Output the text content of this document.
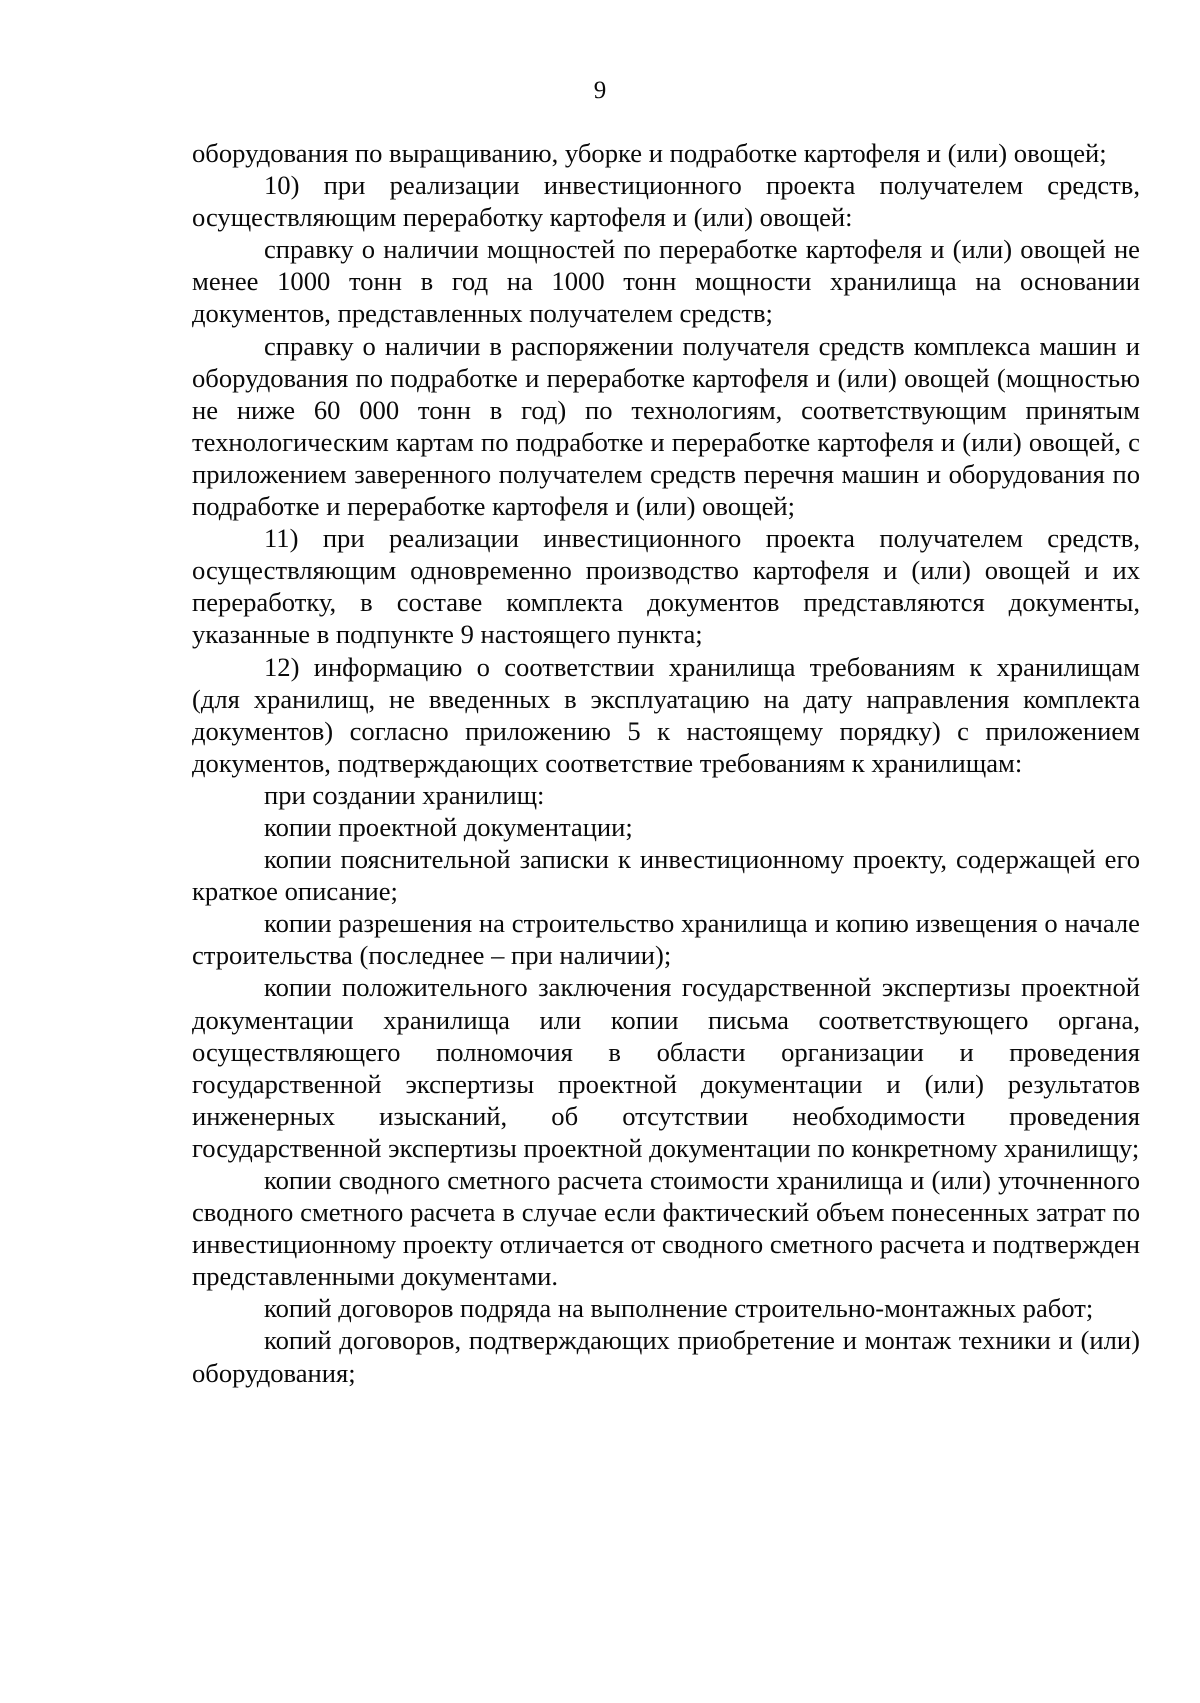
9

оборудования по выращиванию, уборке и подработке картофеля и (или) овощей;

10) при реализации инвестиционного проекта получателем средств, осуществляющим переработку картофеля и (или) овощей:

справку о наличии мощностей по переработке картофеля и (или) овощей не менее 1000 тонн в год на 1000 тонн мощности хранилища на основании документов, представленных получателем средств;

справку о наличии в распоряжении получателя средств комплекса машин и оборудования по подработке и переработке картофеля и (или) овощей (мощностью не ниже 60 000 тонн в год) по технологиям, соответствующим принятым технологическим картам по подработке и переработке картофеля и (или) овощей, с приложением заверенного получателем средств перечня машин и оборудования по подработке и переработке картофеля и (или) овощей;

11) при реализации инвестиционного проекта получателем средств, осуществляющим одновременно производство картофеля и (или) овощей и их переработку, в составе комплекта документов представляются документы, указанные в подпункте 9 настоящего пункта;

12) информацию о соответствии хранилища требованиям к хранилищам (для хранилищ, не введенных в эксплуатацию на дату направления комплекта документов) согласно приложению 5 к настоящему порядку) с приложением документов, подтверждающих соответствие требованиям к хранилищам:

при создании хранилищ:

копии проектной документации;

копии пояснительной записки к инвестиционному проекту, содержащей его краткое описание;

копии разрешения на строительство хранилища и копию извещения о начале строительства (последнее – при наличии);

копии положительного заключения государственной экспертизы проектной документации хранилища или копии письма соответствующего органа, осуществляющего полномочия в области организации и проведения государственной экспертизы проектной документации и (или) результатов инженерных изысканий, об отсутствии необходимости проведения государственной экспертизы проектной документации по конкретному хранилищу;

копии сводного сметного расчета стоимости хранилища и (или) уточненного сводного сметного расчета в случае если фактический объем понесенных затрат по инвестиционному проекту отличается от сводного сметного расчета и подтвержден представленными документами.

копий договоров подряда на выполнение строительно-монтажных работ;

копий договоров, подтверждающих приобретение и монтаж техники и (или) оборудования;
